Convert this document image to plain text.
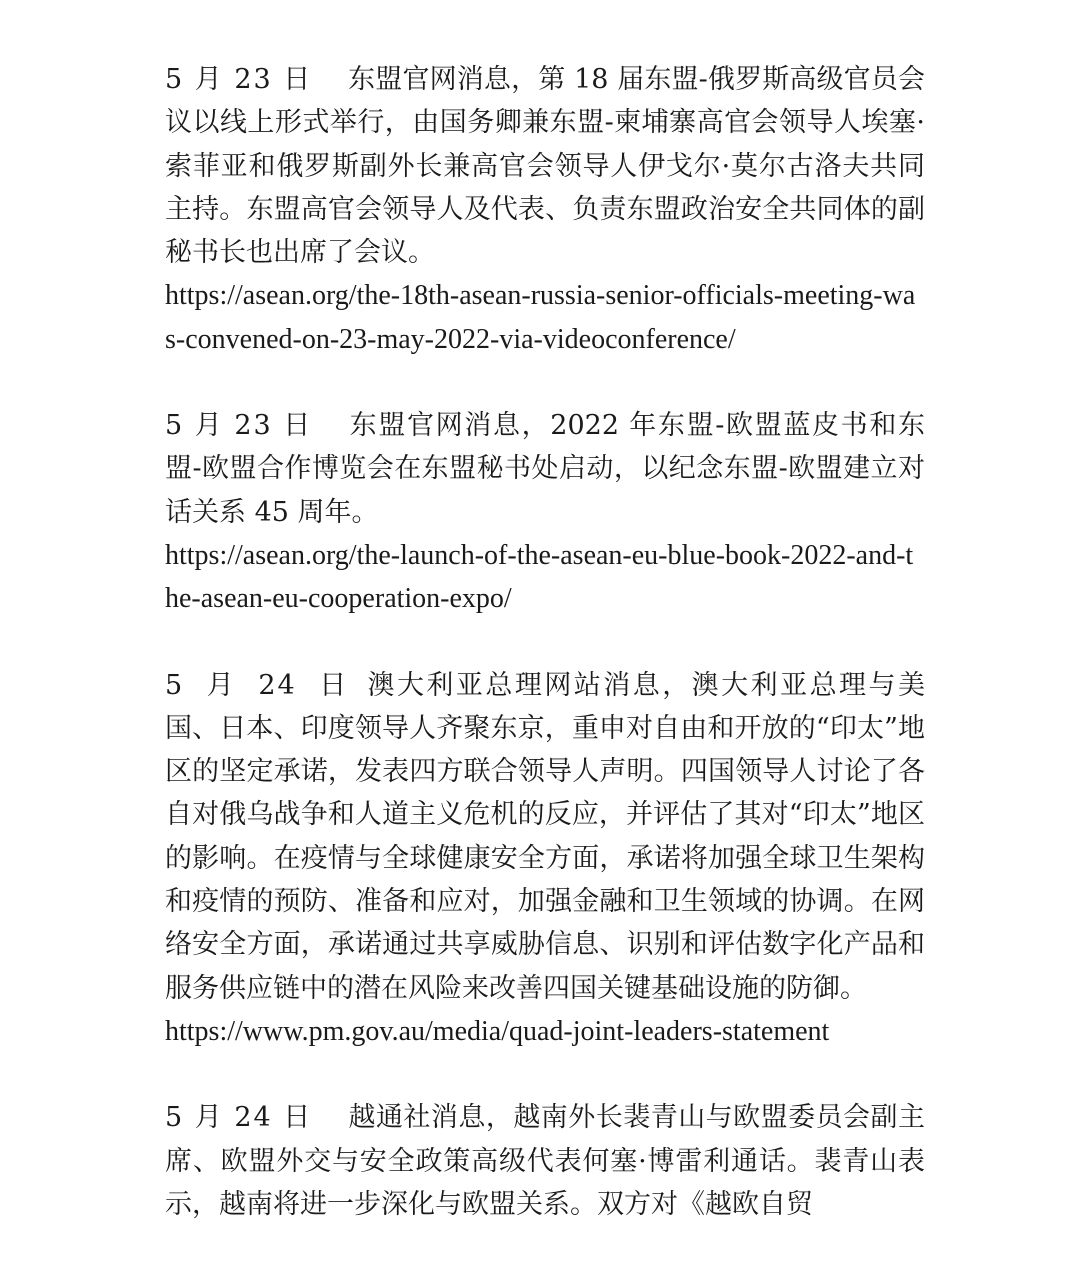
5 月 23 日 东盟官网消息，第 18 届东盟-俄罗斯高级官员会议以线上形式举行，由国务卿兼东盟-柬埔寨高官会领导人埃塞·索菲亚和俄罗斯副外长兼高官会领导人伊戈尔·莫尔古洛夫共同主持。东盟高官会领导人及代表、负责东盟政治安全共同体的副秘书长也出席了会议。

https://asean.org/the-18th-asean-russia-senior-officials-meeting-was-convened-on-23-may-2022-via-videoconference/

5 月 23 日 东盟官网消息，2022 年东盟-欧盟蓝皮书和东盟-欧盟合作博览会在东盟秘书处启动，以纪念东盟-欧盟建立对话关系 45 周年。

https://asean.org/the-launch-of-the-asean-eu-blue-book-2022-and-the-asean-eu-cooperation-expo/

5 月 24 日 澳大利亚总理网站消息，澳大利亚总理与美国、日本、印度领导人齐聚东京，重申对自由和开放的“印太”地区的坚定承诺，发表四方联合领导人声明。四国领导人讨论了各自对俄乌战争和人道主义危机的反应，并评估了其对“印太”地区的影响。在疫情与全球健康安全方面，承诺将加强全球卫生架构和疫情的预防、准备和应对，加强金融和卫生领域的协调。在网络安全方面，承诺通过共享威胁信息、识别和评估数字化产品和服务供应链中的潜在风险来改善四国关键基础设施的防御。

https://www.pm.gov.au/media/quad-joint-leaders-statement

5 月 24 日 越通社消息，越南外长裴青山与欧盟委员会副主席、欧盟外交与安全政策高级代表何塞·博雷利通话。裴青山表示，越南将进一步深化与欧盟关系。双方对《越欧自贸
